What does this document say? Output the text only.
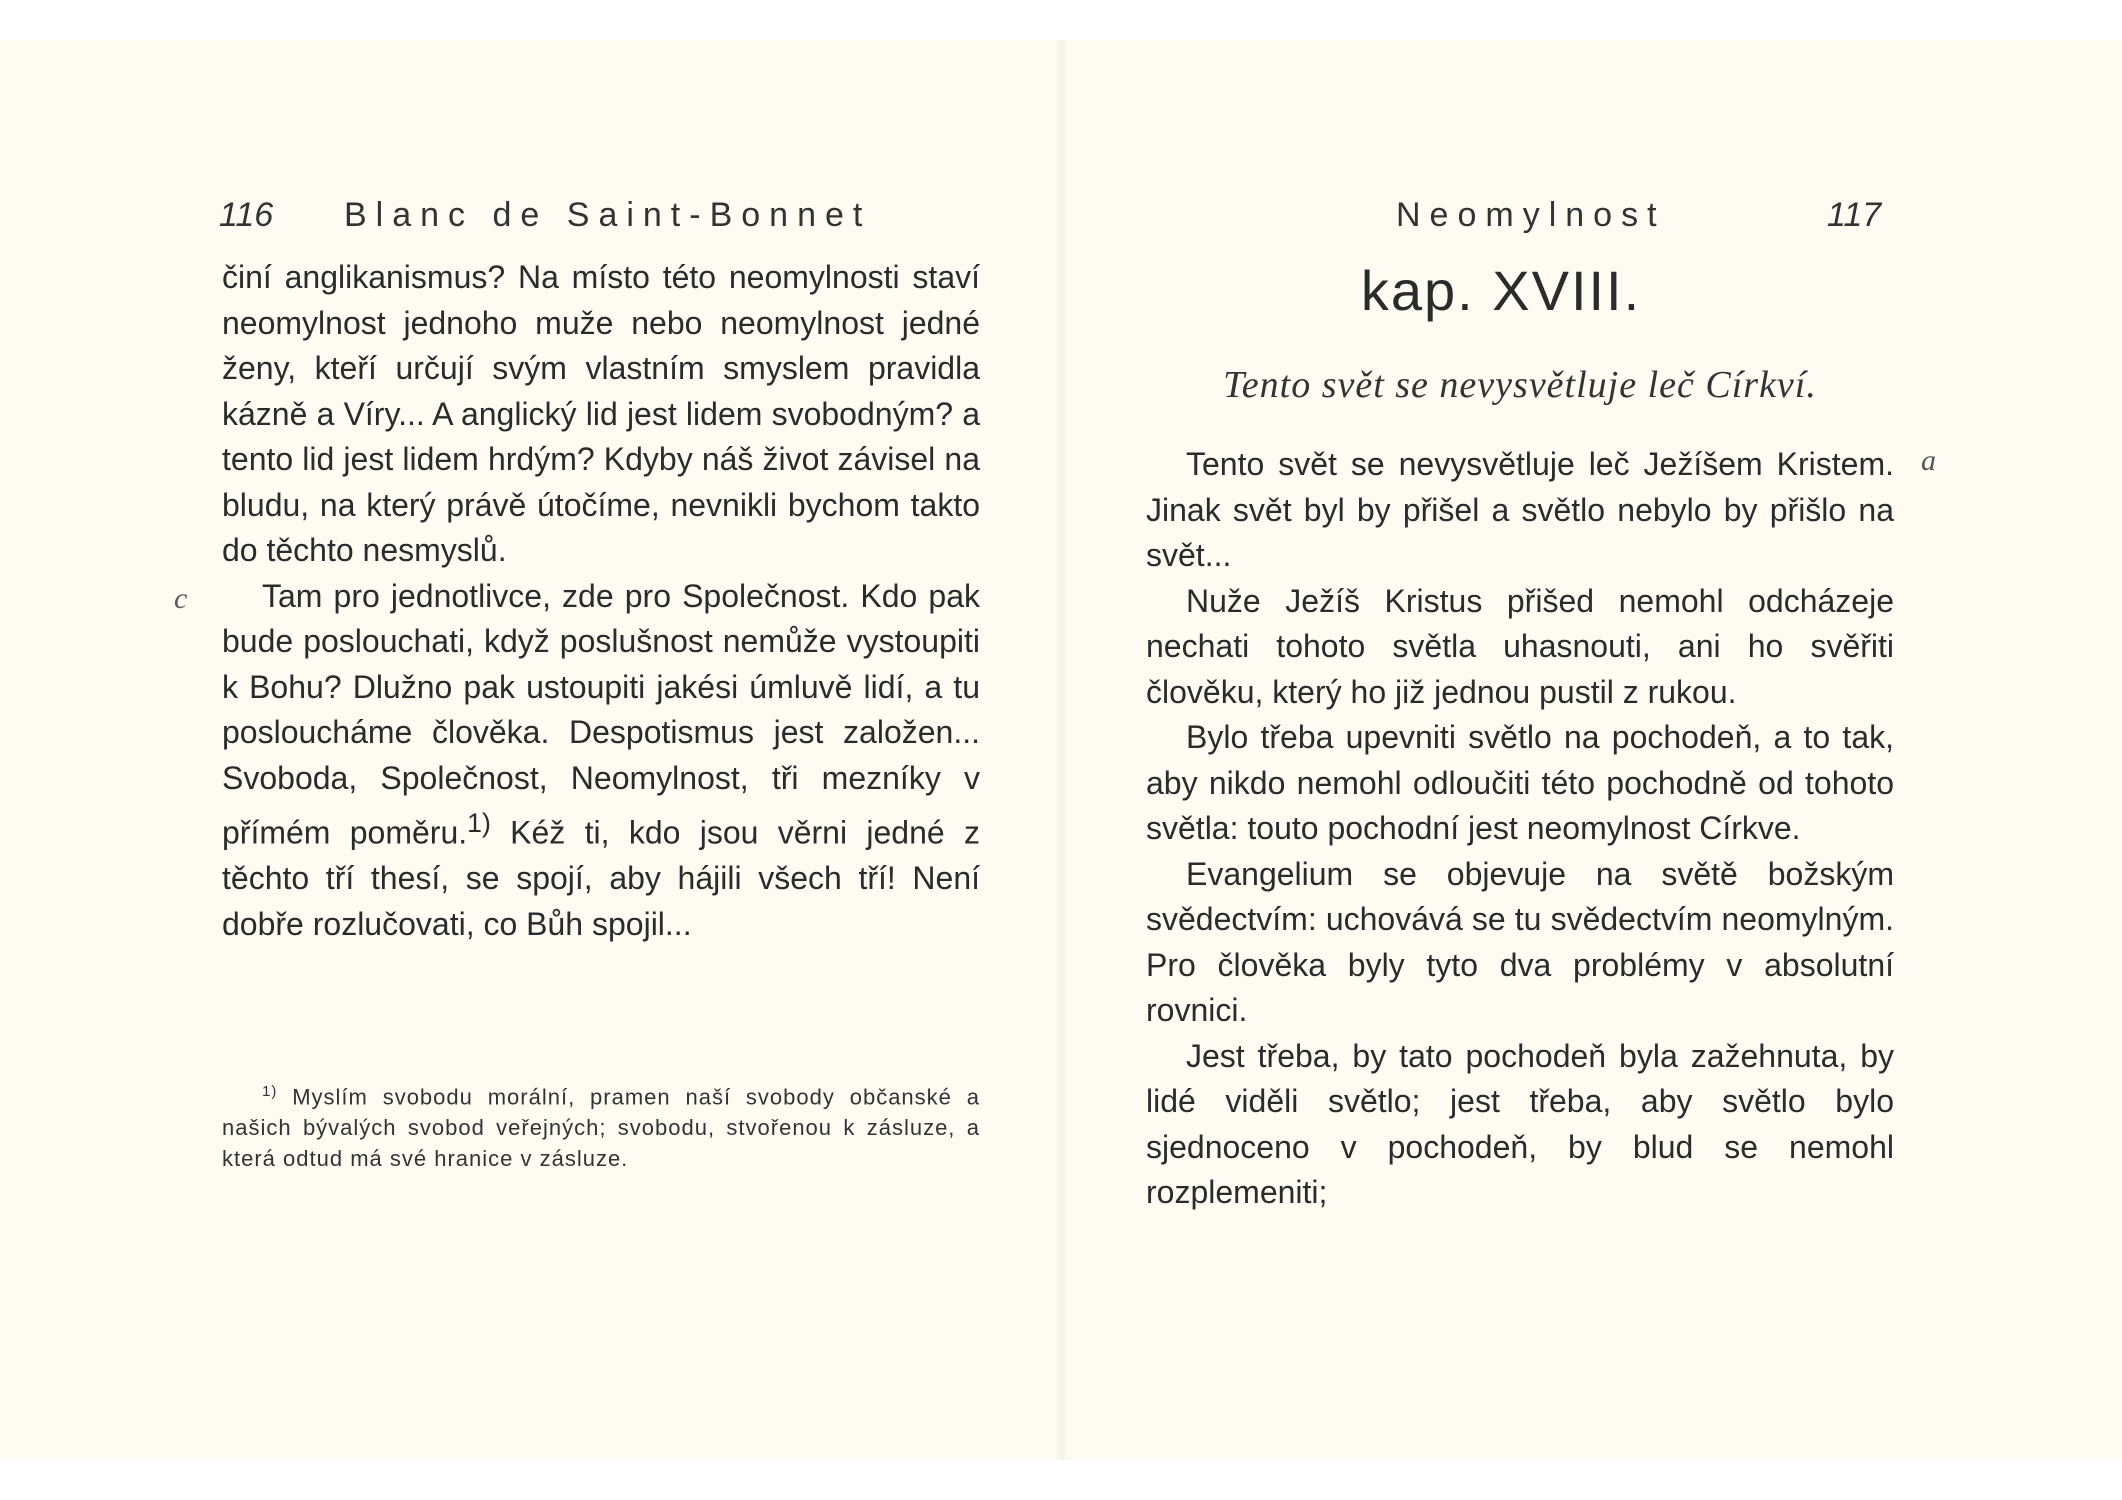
116 Blanc de Saint-Bonnet

činí anglikanismus? Na místo této neomylnosti staví neomylnost jednoho muže nebo neomylnost jedné ženy, kteří určují svým vlastním smyslem pravidla kázně a Víry... A anglický lid jest lidem svobodným? a tento lid jest lidem hrdým? Kdyby náš život závisel na bludu, na který právě útočíme, nevnikli bychom takto do těchto nesmyslů.

Tam pro jednotlivce, zde pro Společnost. Kdo pak bude poslouchati, když poslušnost nemůže vystoupiti k Bohu? Dlužno pak ustoupiti jakési úmluvě lidí, a tu posloucháme člověka. Despotismus jest založen... Svoboda, Společnost, Neomylnost, tři mezníky v přímém poměru.$^{1)}$ Kéž ti, kdo jsou věrni jedné z těchto tří thesí, se spojí, aby hájili všech tří! Není dobře rozlučovati, co Bůh spojil...

c

$^{1)}$ Myslím svobodu morální, pramen naší svobody občanské a našich bývalých svobod veřejných; svobodu, stvořenou k zásluze, a která odtud má své hranice v zásluze.

Neomylnost	117
kap. XVIII.
Tento svět se nevysvětluje leč Církví.

Tento svět se nevysvětluje leč Ježíšem Kristem. Jinak svět byl by přišel a světlo nebylo by přišlo na svět...

Nuže Ježíš Kristus přišed nemohl odcházeje nechati tohoto světla uhasnouti, ani ho svěřiti člověku, který ho již jednou pustil z rukou.

Bylo třeba upevniti světlo na pochodeň, a to tak, aby nikdo nemohl odloučiti této pochodně od tohoto světla: touto pochodní jest neomylnost Církve.

Evangelium se objevuje na světě božským svědectvím: uchovává se tu svědectvím neomylným. Pro člověka byly tyto dva problémy v absolutní rovnici.

Jest třeba, by tato pochodeň byla zažehnuta, by lidé viděli světlo; jest třeba, aby světlo bylo sjednoceno v pochodeň, by blud se nemohl rozplemeniti;

a
